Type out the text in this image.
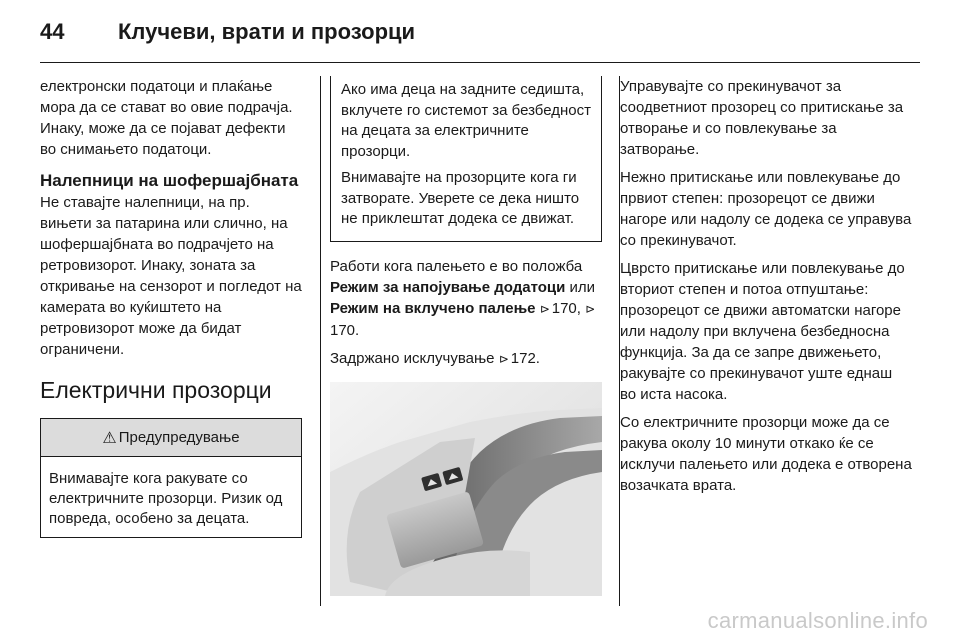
44	Клучеви, врати и прозорци

електронски податоци и плаќање мора да се стават во овие подрачја. Инаку, може да се појават дефекти во снимањето податоци.

Налепници на шофершајбната

Не ставајте налепници, на пр. вињети за патарина или слично, на шофершајбната во подрачјето на ретровизорот. Инаку, зоната за откривање на сензорот и погледот на камерата во куќиштето на ретровизорот може да бидат ограничени.

Електрични прозорци
⚠ Предупредување
Внимавајте кога ракувате со електричните прозорци. Ризик од повреда, особено за децата.

Ако има деца на задните седишта, вклучете го системот за безбедност на децата за електричните прозорци.

Внимавајте на прозорците кога ги затворате. Уверете се дека ништо не приклештат додека се движат.

Работи кога палењето е во положба Режим за напојување додатоци или Режим на вклучено палење ⊳ 170, ⊳170.

Задржано исклучување ⊳ 172.

Управувајте со прекинувачот за соодветниот прозорец со притискање за отворање и со повлекување за затворање.

Нежно притискање или повлекување до првиот степен: прозорецот се движи нагоре или надолу се додека се управува со прекинувачот.

Цврсто притискање или повлекување до вториот степен и потоа отпуштање: прозорецот се движи автоматски нагоре или надолу при вклучена безбедносна функција. За да се запре движењето, ракувајте со прекинувачот уште еднаш во иста насока.

Со електричните прозорци може да се ракува околу 10 минути откако ќе се исклучи палењето или додека е отворена возачката врата.

carmanualsonline.info
